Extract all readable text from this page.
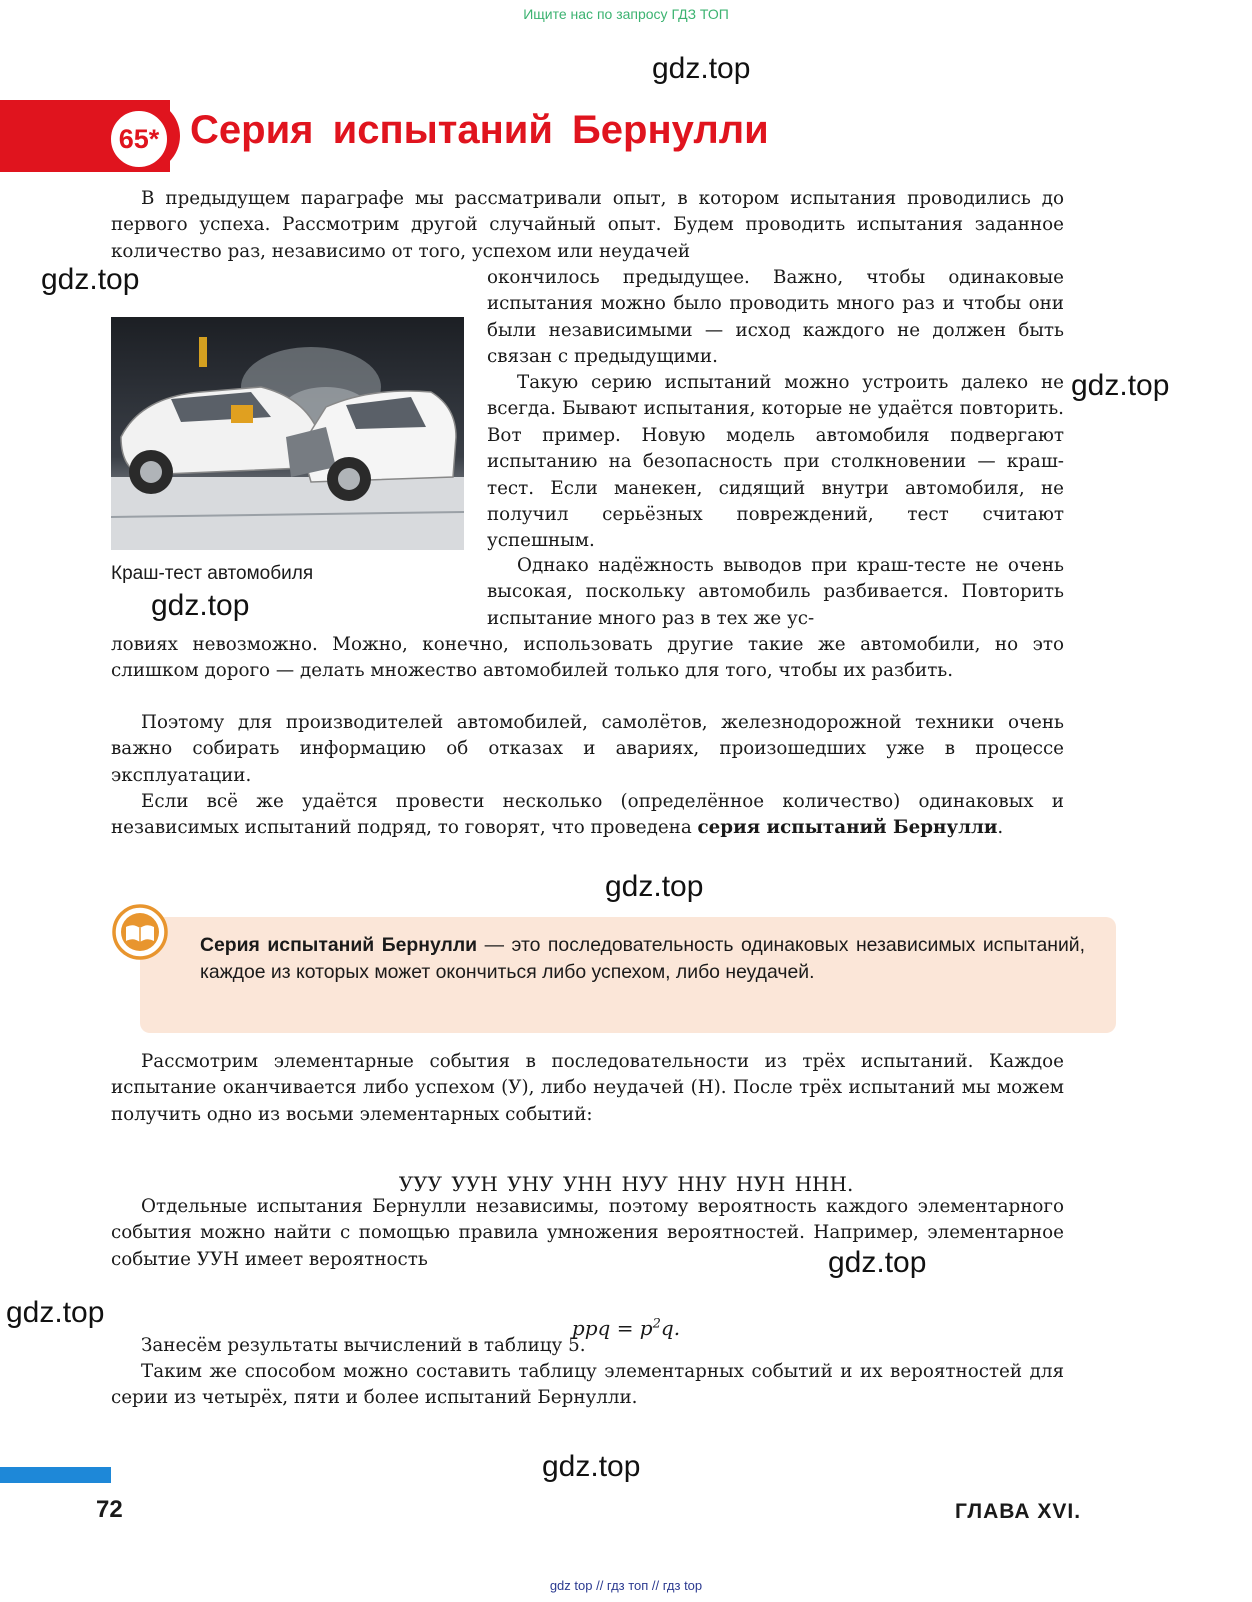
Ищите нас по запросу ГДЗ ТОП
gdz.top
gdz.top
gdz.top
gdz.top
gdz.top
gdz.top
gdz.top
gdz.top
65* Серия испытаний Бернулли

В предыдущем параграфе мы рассматривали опыт, в котором испытания проводились до первого успеха. Рассмотрим другой случайный опыт. Будем проводить испытания заданное количество раз, независимо от того, успехом или неудачей

Краш-тест автомобиля

окончилось предыдущее. Важно, чтобы одинаковые испытания можно было проводить много раз и чтобы они были независимыми — исход каждого не должен быть связан с предыдущими.

Такую серию испытаний можно устроить далеко не всегда. Бывают испытания, которые не удаётся повторить. Вот пример. Новую модель автомобиля подвергают испытанию на безопасность при столкновении — краш-тест. Если манекен, сидящий внутри автомобиля, не получил серьёзных повреждений, тест считают успешным.

Однако надёжность выводов при краш-тесте не очень высокая, поскольку автомобиль разбивается. Повторить испытание много раз в тех же ус-

ловиях невозможно. Можно, конечно, использовать другие такие же автомобили, но это слишком дорого — делать множество автомобилей только для того, чтобы их разбить.

Поэтому для производителей автомобилей, самолётов, железнодорожной техники очень важно собирать информацию об отказах и авариях, произошедших уже в процессе эксплуатации.

Если всё же удаётся провести несколько (определённое количество) одинаковых и независимых испытаний подряд, то говорят, что проведена серия испытаний Бернулли.

Серия испытаний Бернулли — это последовательность одинаковых независимых испытаний, каждое из которых может окончиться либо успехом, либо неудачей.

Рассмотрим элементарные события в последовательности из трёх испытаний. Каждое испытание оканчивается либо успехом (У), либо неудачей (Н). После трёх испытаний мы можем получить одно из восьми элементарных событий:

УУУ УУН УНУ УНН НУУ ННУ НУН ННН.

Отдельные испытания Бернулли независимы, поэтому вероятность каждого элементарного события можно найти с помощью правила умножения вероятностей. Например, элементарное событие УУН имеет вероятность

ppq = $p^2q$.

Занесём результаты вычислений в таблицу 5.

Таким же способом можно составить таблицу элементарных событий и их вероятностей для серии из четырёх, пяти и более испытаний Бернулли.

72	ГЛАВА XVI.
gdz top // гдз топ // гдз top
